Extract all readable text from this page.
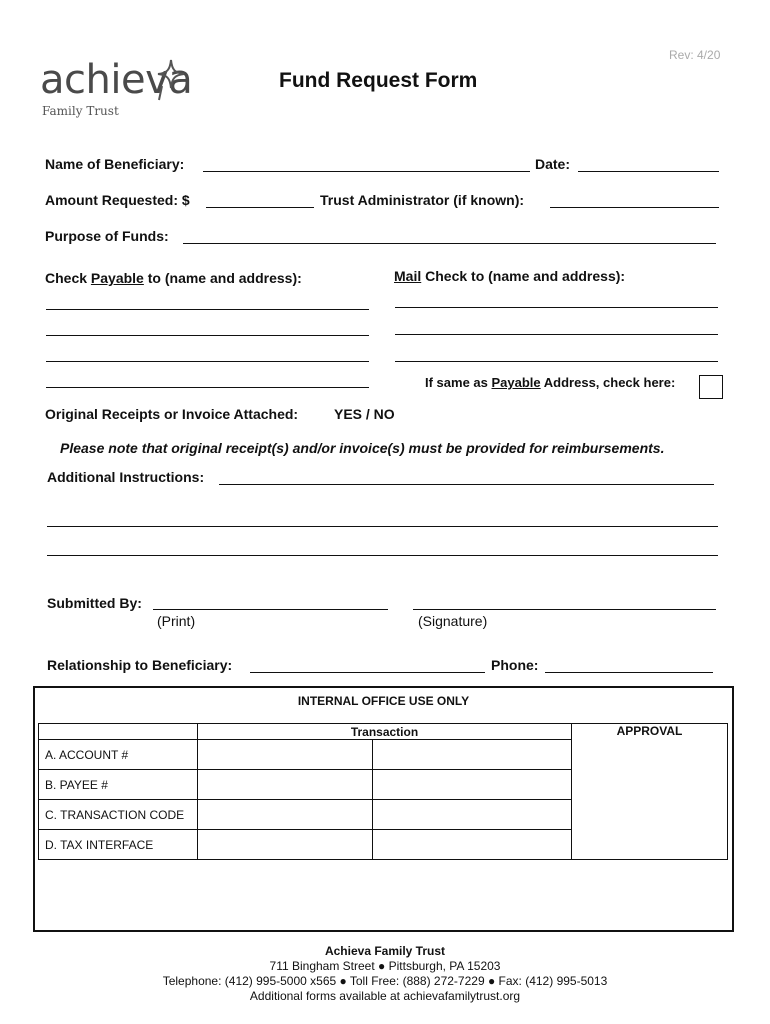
Rev: 4/20
achieva
Family Trust
Fund Request Form
Name of Beneficiary:	Date:
Amount Requested: $	Trust Administrator (if known):
Purpose of Funds:
Check Payable to (name and address):	Mail Check to (name and address):
If same as Payable Address, check here:
Original Receipts or Invoice Attached:	YES / NO
Please note that original receipt(s) and/or invoice(s) must be provided for reimbursements.
Additional Instructions:
Submitted By:
(Print)	(Signature)
Relationship to Beneficiary:	Phone:
INTERNAL OFFICE USE ONLY
	Transaction		APPROVAL

A. ACCOUNT #			
B. PAYEE #			
C. TRANSACTION CODE			
D. TAX INTERFACE			
Achieva Family Trust
711 Bingham Street ● Pittsburgh, PA 15203
Telephone: (412) 995-5000 x565 ● Toll Free: (888) 272-7229 ● Fax: (412) 995-5013
Additional forms available at achievafamilytrust.org
